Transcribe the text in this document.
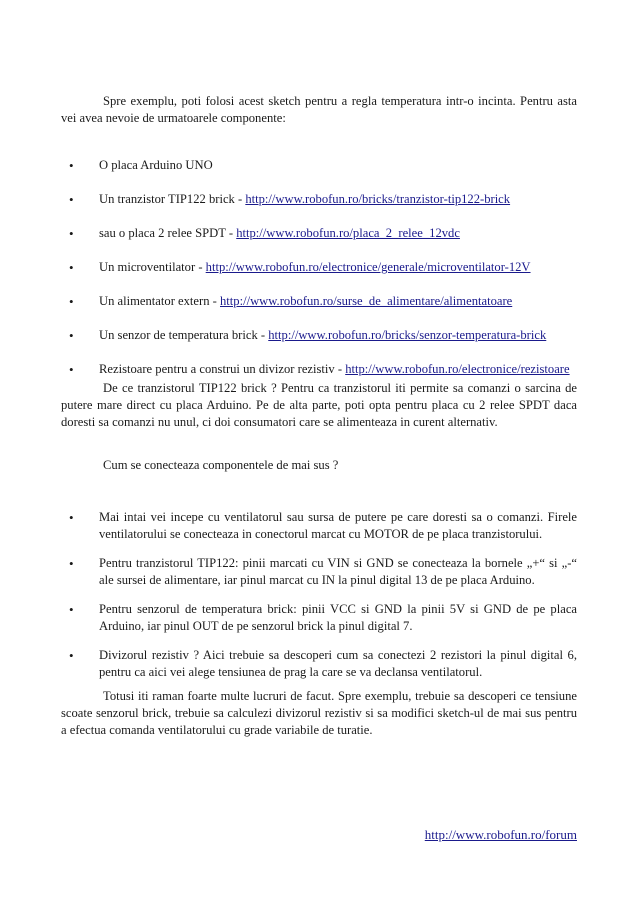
Spre exemplu, poti folosi acest sketch pentru a regla temperatura intr-o incinta. Pentru asta vei avea nevoie de urmatoarele componente:

• O placa Arduino UNO
• Un tranzistor TIP122 brick - http://www.robofun.ro/bricks/tranzistor-tip122-brick
• sau o placa 2 relee SPDT - http://www.robofun.ro/placa_2_relee_12vdc
• Un microventilator - http://www.robofun.ro/electronice/generale/microventilator-12V
• Un alimentator extern - http://www.robofun.ro/surse_de_alimentare/alimentatoare
• Un senzor de temperatura brick - http://www.robofun.ro/bricks/senzor-temperatura-brick
• Rezistoare pentru a construi un divizor rezistiv - http://www.robofun.ro/electronice/rezistoare

De ce tranzistorul TIP122 brick ? Pentru ca tranzistorul iti permite sa comanzi o sarcina de putere mare direct cu placa Arduino. Pe de alta parte, poti opta pentru placa cu 2 relee SPDT daca doresti sa comanzi nu unul, ci doi consumatori care se alimenteaza in curent alternativ.

Cum se conecteaza componentele de mai sus ?

• Mai intai vei incepe cu ventilatorul sau sursa de putere pe care doresti sa o comanzi. Firele ventilatorului se conecteaza in conectorul marcat cu MOTOR de pe placa tranzistorului.
• Pentru tranzistorul TIP122: pinii marcati cu VIN si GND se conecteaza la bornele „+“ si „-“ ale sursei de alimentare, iar pinul marcat cu IN la pinul digital 13 de pe placa Arduino.
• Pentru senzorul de temperatura brick: pinii VCC si GND la pinii 5V si GND de pe placa Arduino, iar pinul OUT de pe senzorul brick la pinul digital 7.
• Divizorul rezistiv ? Aici trebuie sa descoperi cum sa conectezi 2 rezistori la pinul digital 6, pentru ca aici vei alege tensiunea de prag la care se va declansa ventilatorul.

Totusi iti raman foarte multe lucruri de facut. Spre exemplu, trebuie sa descoperi ce tensiune scoate senzorul brick, trebuie sa calculezi divizorul rezistiv si sa modifici sketch-ul de mai sus pentru a efectua comanda ventilatorului cu grade variabile de turatie.

http://www.robofun.ro/forum
